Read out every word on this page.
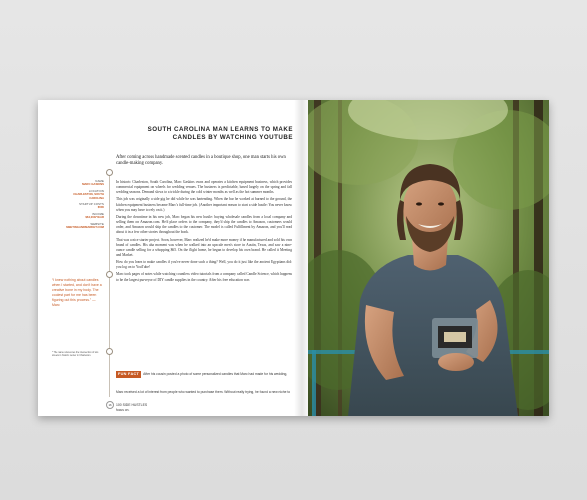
SOUTH CAROLINA MAN LEARNS TO MAKE
CANDLES BY WATCHING YOUTUBE

After coming across handmade scented candles in a boutique shop, one man starts his own candle-making company.

NAME
MARC GASKINS
LOCATION
CHARLESTON, SOUTH CAROLINA
STARTUP COSTS
$500
INCOME
$64,000/YEAR
WEBSITE
MEETINGANDMARKET.COM

“I knew nothing about candles when I started, and don't have a creative bone in my body. The coolest part for me has been figuring out this process.” —Marc

* The name references the intersection of two streets in historic center in Charleston.

In historic Charleston, South Carolina, Marc Gaskins owns and operates a kitchen equipment business, which provides commercial equipment on wheels for wedding venues. The business is predictable, based largely on the spring and fall wedding seasons. Demand slows to a trickle during the cold winter months as well as the hot summer months.

This job was originally a side gig he did while he was bartending. When the bar he worked at burned to the ground, the kitchen equipment business became Marc's full-time job. (Another important reason to start a side hustle: You never know when you may have to rely on it.)

During the downtime in his new job, Marc began his new hustle: buying wholesale candles from a local company and selling them on Amazon.com. He'd place orders to the company, they'd ship the candles to Amazon, customers would order, and Amazon would ship the candles to the customer. The model is called Fulfillment by Amazon, and you'll read about it in a few other stories throughout the book.

That was a nice starter project. Soon, however, Marc realized he'd make more money if he manufactured and sold his own brand of candles. His aha moment was when he walked into an upscale men's store in Austin, Texas, and saw a nine-ounce candle selling for a whopping $65. On the flight home, he began to develop his own brand. He called it Meeting and Market.

How do you learn to make candles if you've never done such a thing? Well, you do it just like the ancient Egyptians did: you log on to YouTube!

Marc took pages of notes while watching countless video tutorials from a company called Candle Science, which happens to be the largest purveyor of DIY candle supplies in the country. After his free education was

FUN FACT After his cousin posted a photo of some personalized candles that Marc had made for his wedding, Marc received a lot of interest from people who wanted to purchase them. Without really trying, he found a new niche to focus on.
16	100 SIDE HUSTLES
